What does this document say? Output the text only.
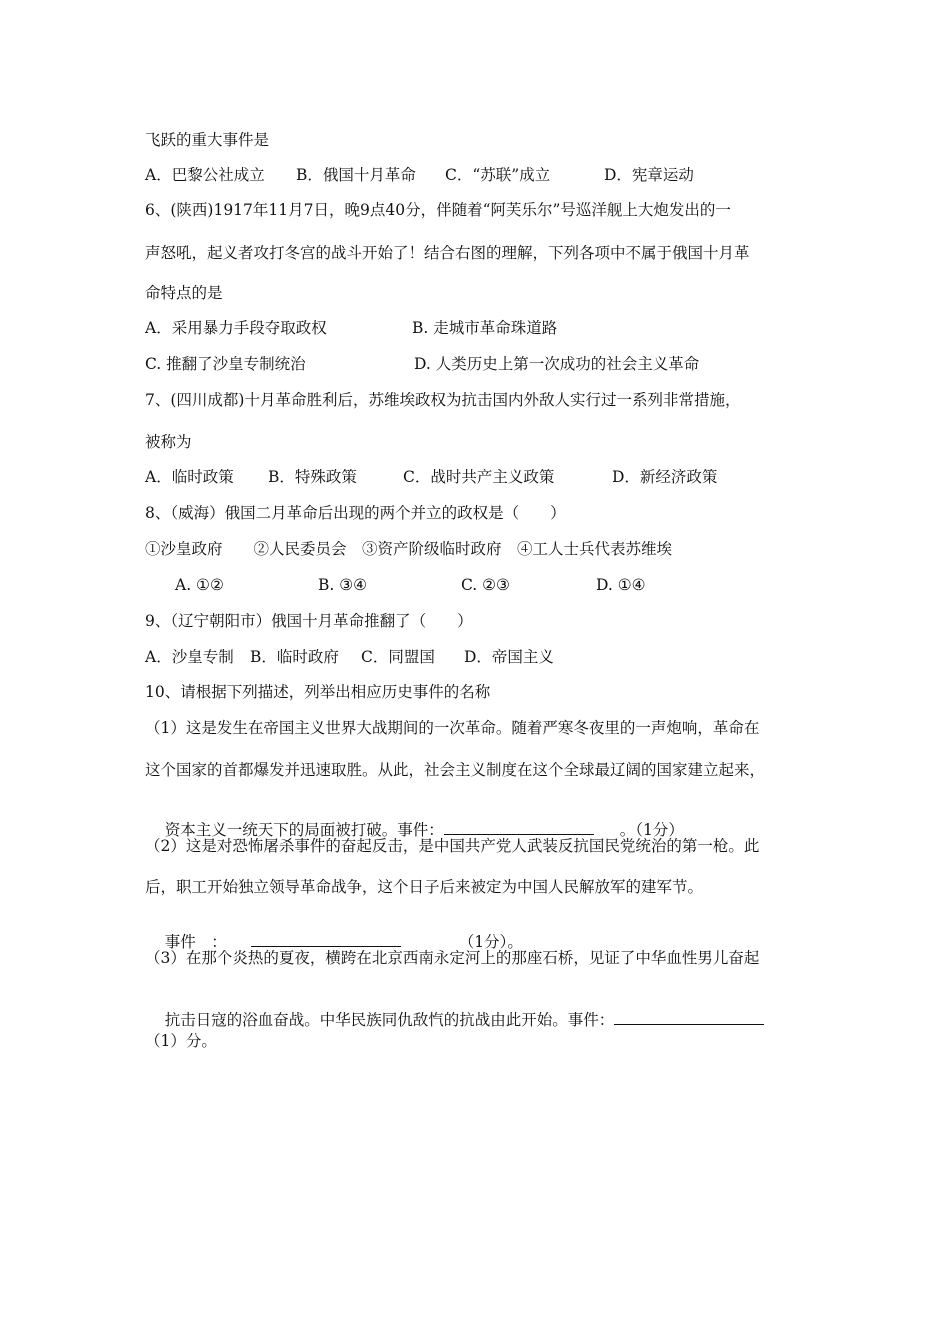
飞跃的重大事件是
A．巴黎公社成立 B．俄国十月革命 C．“苏联”成立	D．宪章运动
6、(陕西)1917年11月7日，晚9点40分，伴随着“阿芙乐尔”号巡洋舰上大炮发出的一
声怒吼，起义者攻打冬宫的战斗开始了！结合右图的理解，下列各项中不属于俄国十月革
命特点的是
A．采用暴力手段夺取政权	B. 走城市革命珠道路
C. 推翻了沙皇专制统治	D. 人类历史上第一次成功的社会主义革命
7、(四川成都)十月革命胜利后，苏维埃政权为抗击国内外敌人实行过一系列非常措施，
被称为
A．临时政策 B．特殊政策	C．战时共产主义政策	D．新经济政策
8、（威海）俄国二月革命后出现的两个并立的政权是（　　）
①沙皇政府　　②人民委员会　③资产阶级临时政府　④工人士兵代表苏维埃
A. ①②	B. ③④	C. ②③	D. ①④
9、（辽宁朝阳市）俄国十月革命推翻了（　　）
A．沙皇专制 B．临时政府 C．同盟国 D．帝国主义
10、请根据下列描述，列举出相应历史事件的名称
（1）这是发生在帝国主义世界大战期间的一次革命。随着严寒冬夜里的一声炮响，革命在
这个国家的首都爆发并迅速取胜。从此，社会主义制度在这个全球最辽阔的国家建立起来，

资本主义一统天下的局面被打破。事件：	。（1分）

（2）这是对恐怖屠杀事件的奋起反击，是中国共产党人武装反抗国民党统治的第一枪。此
后，职工开始独立领导革命战争，这个日子后来被定为中国人民解放军的建军节。

事件　：	（1分）。

（3）在那个炎热的夏夜，横跨在北京西南永定河上的那座石桥，见证了中华血性男儿奋起

抗击日寇的浴血奋战。中华民族同仇敌忾的抗战由此开始。事件：

（1）分。
